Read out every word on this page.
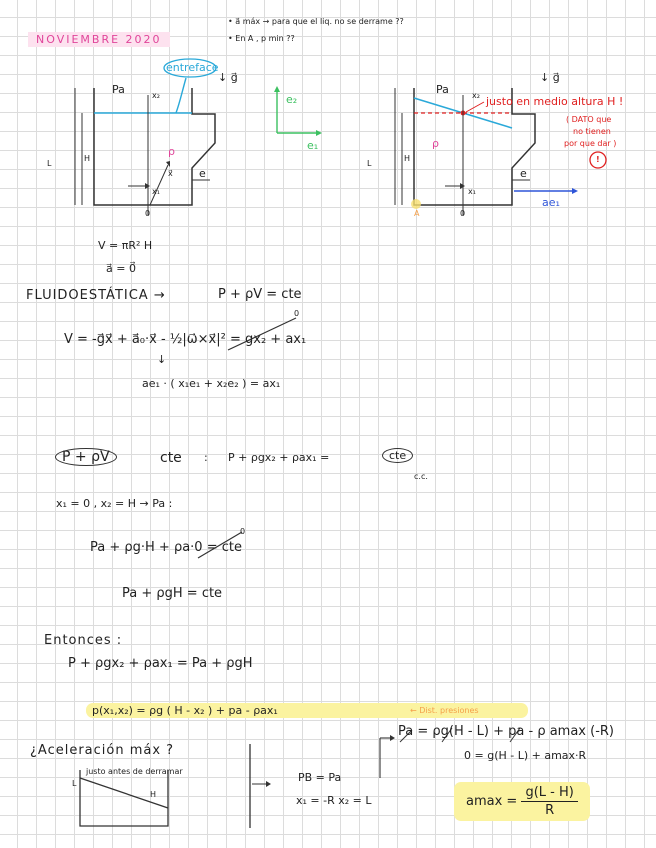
NOVIEMBRE 2020
• a⃗ máx → para que el liq. no se derrame ??
• En A , p min ??
entreface
↓ g⃗
Pa	x₂
H
L
ρ
e
x₁
x⃗
0
e₂
e₁
Pa	x₂
↓ g⃗
justo en medio altura H !
( DATO que
no tienen
por que dar )
!
ρ
e
x₁
A
H
L
0
ae₁
V = πR² H
a⃗ = 0⃗
FLUIDOESTÁTICA →	P + ρV = cte
V = -g⃗x⃗ + a⃗₀·x⃗ - ½|ω⃗×x⃗|² = gx₂ + ax₁
0
↓
ae₁ · ( x₁e₁ + x₂e₂ ) = ax₁
P + ρV	cte : P + ρgx₂ + ρax₁ =	cte
c.c.
x₁ = 0 , x₂ = H → Pa :
Pa + ρg·H + ρa·0 = cte
0
Pa + ρgH = cte
Entonces :
P + ρgx₂ + ρax₁ = Pa + ρgH
p(x₁,x₂) = ρg ( H - x₂ ) + pa - ρax₁	← Dist. presiones
¿Aceleración máx ?
justo antes de derramar
L
H
PB = Pa
x₁ = -R x₂ = L
Pa = ρg(H - L) + pa - ρ amax (-R)
0 = g(H - L) + amax·R
$amax = \frac{g(L - H)}{R}$
